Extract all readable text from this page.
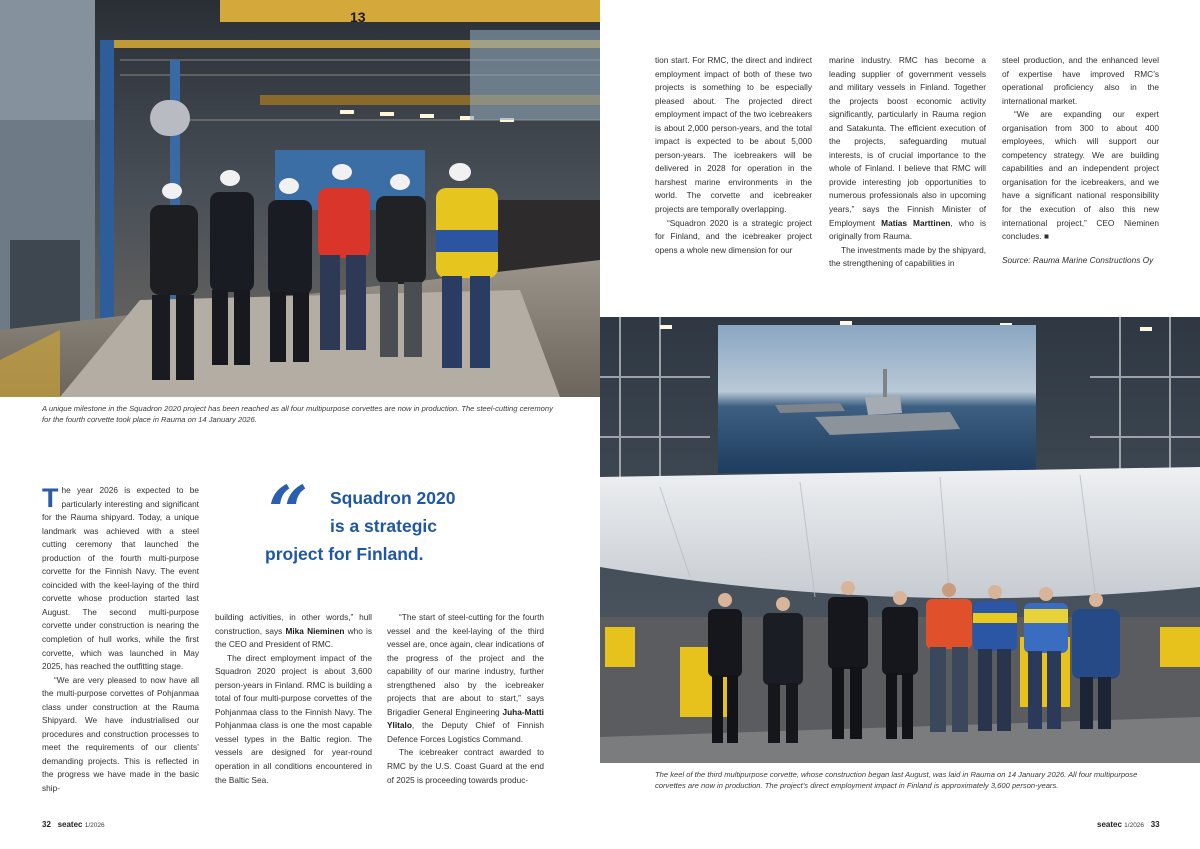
13
A unique milestone in the Squadron 2020 project has been reached as all four multipurpose corvettes are now in production. The steel-cutting ceremony for the fourth corvette took place in Rauma on 14 January 2026.

The year 2026 is expected to be particularly interesting and significant for the Rauma shipyard. Today, a unique landmark was achieved with a steel cutting ceremony that launched the production of the fourth multi-purpose corvette for the Finnish Navy. The event coincided with the keel-laying of the third corvette whose production started last August. The second multi-purpose corvette under construction is nearing the completion of hull works, while the first corvette, which was launched in May 2025, has reached the outfitting stage.

“We are very pleased to now have all the multi-purpose corvettes of Pohjanmaa class under construction at the Rauma Shipyard. We have industrialised our procedures and construction processes to meet the requirements of our clients’ demanding projects. This is reflected in the progress we have made in the basic ship-

“ Squadron 2020
is a strategic
project for Finland.

building activities, in other words,” hull construction, says Mika Nieminen who is the CEO and President of RMC.

The direct employment impact of the Squadron 2020 project is about 3,600 person-years in Finland. RMC is building a total of four multi-purpose corvettes of the Pohjanmaa class to the Finnish Navy. The Pohjanmaa class is one the most capable vessel types in the Baltic region. The vessels are designed for year-round operation in all conditions encountered in the Baltic Sea.

“The start of steel-cutting for the fourth vessel and the keel-laying of the third vessel are, once again, clear indications of the progress of the project and the capability of our marine industry, further strengthened also by the icebreaker projects that are about to start,” says Brigadier General Engineering Juha-Matti Ylitalo, the Deputy Chief of Finnish Defence Forces Logistics Command.

The icebreaker contract awarded to RMC by the U.S. Coast Guard at the end of 2025 is proceeding towards produc-

32 seatec 1/2026

tion start. For RMC, the direct and indirect employment impact of both of these two projects is something to be especially pleased about. The projected direct employment impact of the two icebreakers is about 2,000 person-years, and the total impact is expected to be about 5,000 person-years. The icebreakers will be delivered in 2028 for operation in the harshest marine environments in the world. The corvette and icebreaker projects are temporally overlapping.

“Squadron 2020 is a strategic project for Finland, and the icebreaker project opens a whole new dimension for our

marine industry. RMC has become a leading supplier of government vessels and military vessels in Finland. Together the projects boost economic activity significantly, particularly in Rauma region and Satakunta. The efficient execution of the projects, safeguarding mutual interests, is of crucial importance to the whole of Finland. I believe that RMC will provide interesting job opportunities to numerous professionals also in upcoming years,” says the Finnish Minister of Employment Matias Marttinen, who is originally from Rauma.

The investments made by the shipyard, the strengthening of capabilities in

steel production, and the enhanced level of expertise have improved RMC’s operational proficiency also in the international market.

“We are expanding our expert organisation from 300 to about 400 employees, which will support our competency strategy. We are building capabilities and an independent project organisation for the icebreakers, and we have a significant national responsibility for the execution of also this new international project,” CEO Nieminen concludes. ■

Source: Rauma Marine Constructions Oy

The keel of the third multipurpose corvette, whose construction began last August, was laid in Rauma on 14 January 2026. All four multipurpose corvettes are now in production. The project’s direct employment impact in Finland is approximately 3,600 person-years.
seatec 1/2026 33
